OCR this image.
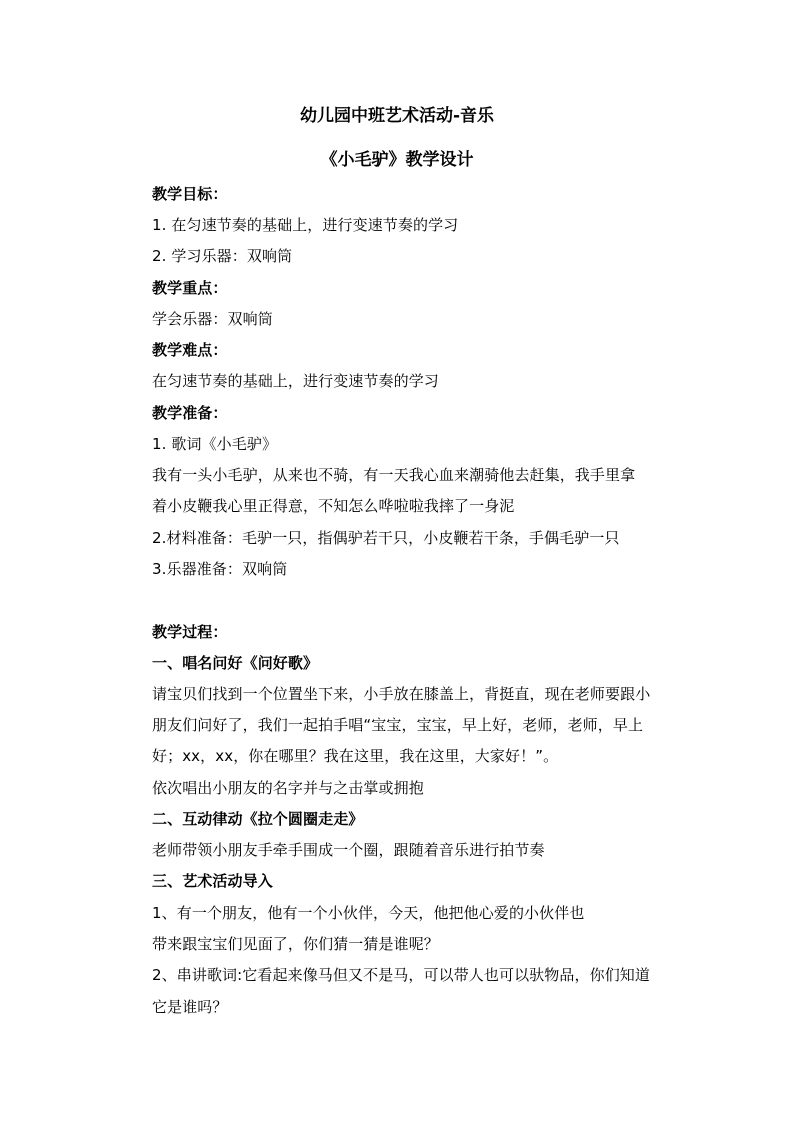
幼儿园中班艺术活动-音乐
《小毛驴》教学设计
教学目标：
1. 在匀速节奏的基础上，进行变速节奏的学习
2. 学习乐器：双响筒
教学重点：
学会乐器：双响筒
教学难点：
在匀速节奏的基础上，进行变速节奏的学习
教学准备：
1. 歌词《小毛驴》
我有一头小毛驴，从来也不骑，有一天我心血来潮骑他去赶集，我手里拿
着小皮鞭我心里正得意，不知怎么哗啦啦我摔了一身泥
2.材料准备：毛驴一只，指偶驴若干只，小皮鞭若干条，手偶毛驴一只
3.乐器准备：双响筒
教学过程：
一、唱名问好《问好歌》
请宝贝们找到一个位置坐下来，小手放在膝盖上，背挺直，现在老师要跟小
朋友们问好了，我们一起拍手唱“宝宝，宝宝，早上好，老师，老师，早上
好；xx，xx，你在哪里？我在这里，我在这里，大家好！”。
依次唱出小朋友的名字并与之击掌或拥抱
二、互动律动《拉个圆圈走走》
老师带领小朋友手牵手围成一个圈，跟随着音乐进行拍节奏
三、艺术活动导入
1、有一个朋友，他有一个小伙伴，今天，他把他心爱的小伙伴也
带来跟宝宝们见面了，你们猜一猜是谁呢？
2、串讲歌词:它看起来像马但又不是马，可以带人也可以驮物品，你们知道
它是谁吗？
